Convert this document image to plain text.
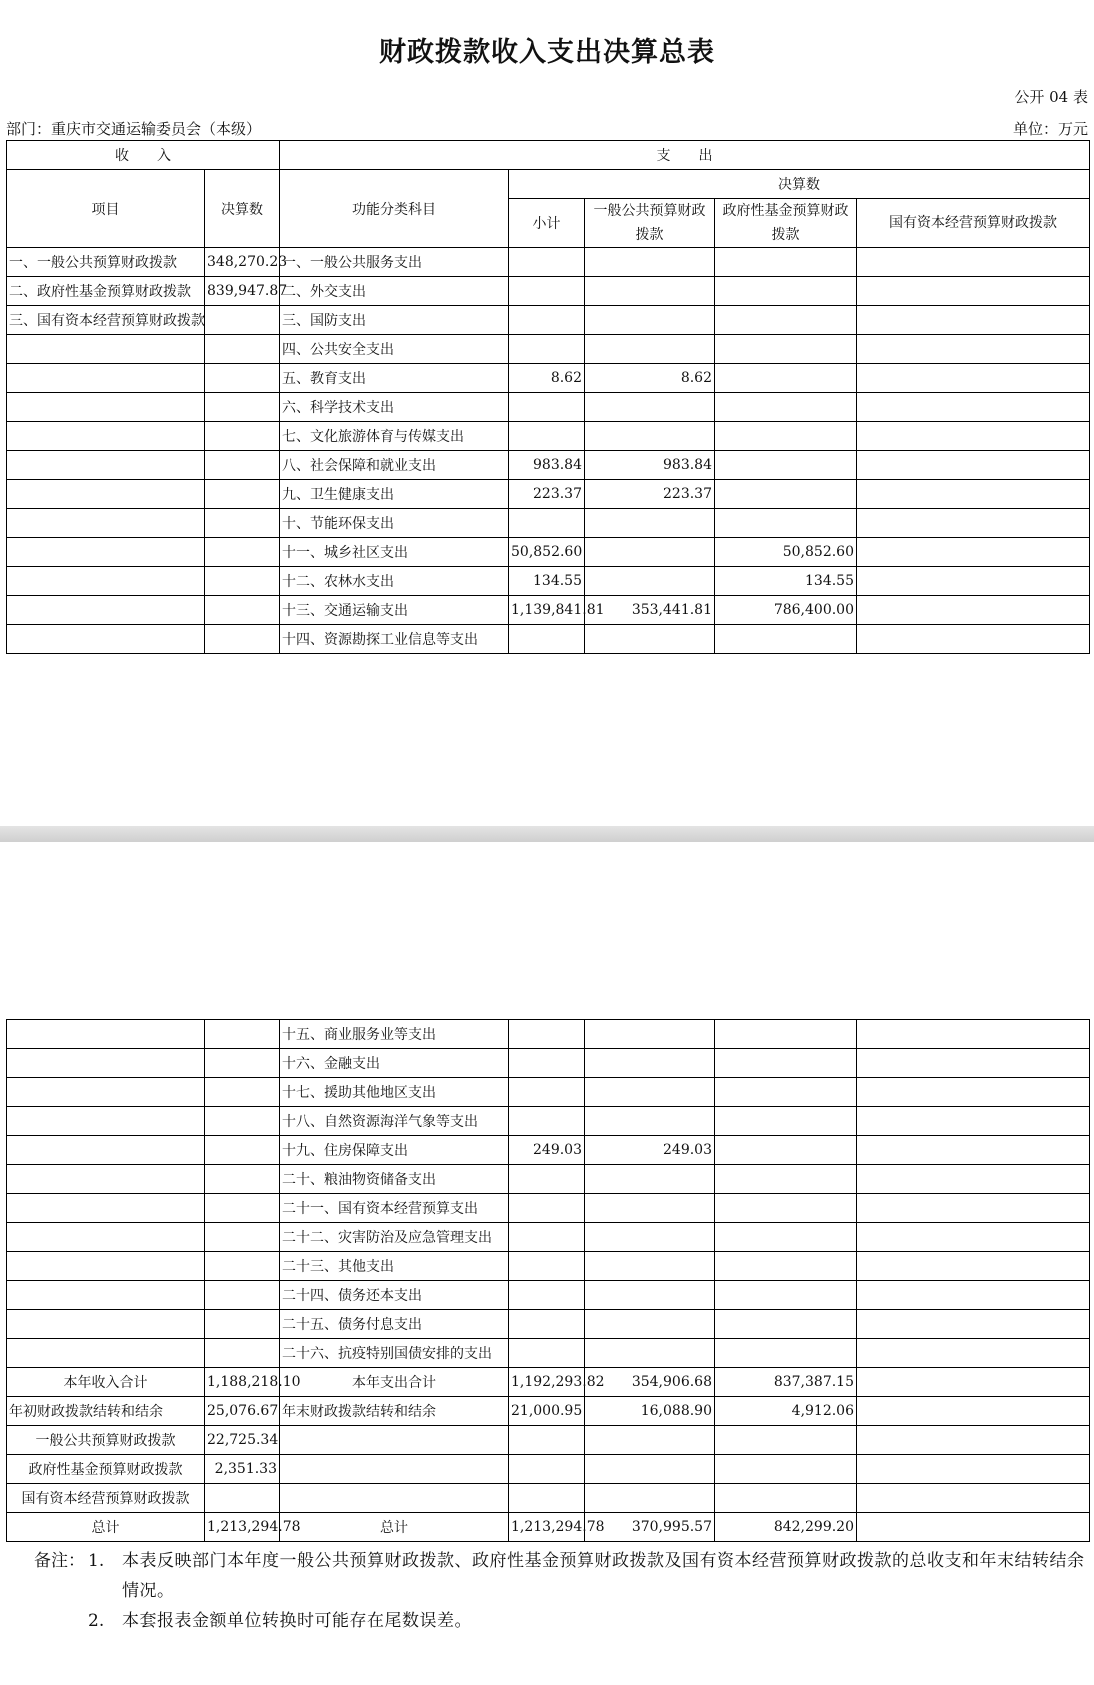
财政拨款收入支出决算总表
公开 04 表
部门：重庆市交通运输委员会（本级）	单位：万元
收　　入		支　　出				
项目	决算数	功能分类科目	决算数			
			小计	一般公共预算财政拨款	政府性基金预算财政拨款	国有资本经营预算财政拨款

一、一般公共预算财政拨款	348,270.23	一、一般公共服务支出				
二、政府性基金预算财政拨款	839,947.87	二、外交支出				
三、国有资本经营预算财政拨款		三、国防支出				
		四、公共安全支出				
		五、教育支出	8.62	8.62		
		六、科学技术支出				
		七、文化旅游体育与传媒支出				
		八、社会保障和就业支出	983.84	983.84		
		九、卫生健康支出	223.37	223.37		
		十、节能环保支出				
		十一、城乡社区支出	50,852.60		50,852.60	
		十二、农林水支出	134.55		134.55	
		十三、交通运输支出	1,139,841.81	353,441.81	786,400.00	
		十四、资源勘探工业信息等支出				
		十五、商业服务业等支出				
		十六、金融支出				
		十七、援助其他地区支出				
		十八、自然资源海洋气象等支出				
		十九、住房保障支出	249.03	249.03		
		二十、粮油物资储备支出				
		二十一、国有资本经营预算支出				
		二十二、灾害防治及应急管理支出				
		二十三、其他支出				
		二十四、债务还本支出				
		二十五、债务付息支出				
		二十六、抗疫特别国债安排的支出				
本年收入合计	1,188,218.10	本年支出合计	1,192,293.82	354,906.68	837,387.15	
年初财政拨款结转和结余	25,076.67	年末财政拨款结转和结余	21,000.95	16,088.90	4,912.06	
一般公共预算财政拨款	22,725.34					
政府性基金预算财政拨款	2,351.33					
国有资本经营预算财政拨款						
总计	1,213,294.78	总计	1,213,294.78	370,995.57	842,299.20	
备注： 1.	本表反映部门本年度一般公共预算财政拨款、政府性基金预算财政拨款及国有资本经营预算财政拨款的总收支和年末结转结余情况。
2.	本套报表金额单位转换时可能存在尾数误差。
